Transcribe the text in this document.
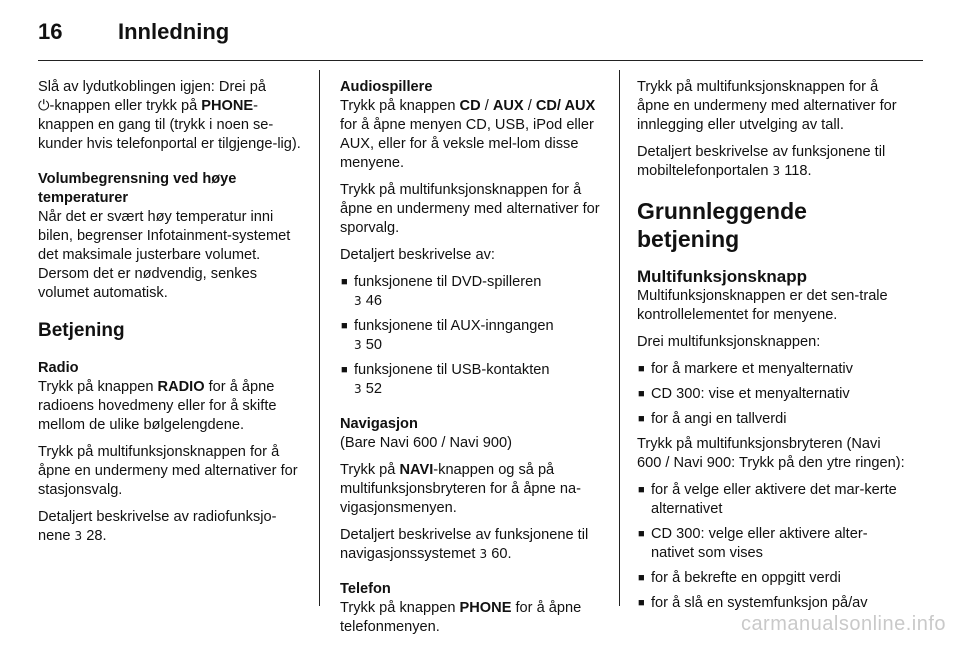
16	Innledning

Slå av lydutkoblingen igjen: Drei på
⏻-knappen eller trykk på PHONE-knappen en gang til (trykk i noen se-kunder hvis telefonportal er tilgjenge-lig).

Volumbegrensning ved høye temperaturer

Når det er svært høy temperatur inni bilen, begrenser Infotainment-systemet det maksimale justerbare volumet. Dersom det er nødvendig, senkes volumet automatisk.

Betjening

Radio

Trykk på knappen RADIO for å åpne radioens hovedmeny eller for å skifte mellom de ulike bølgelengdene.

Trykk på multifunksjonsknappen for å åpne en undermeny med alternativer for stasjonsvalg.

Detaljert beskrivelse av radiofunksjo-nene 3 28.

Audiospillere

Trykk på knappen CD / AUX / CD/ AUX for å åpne menyen CD, USB, iPod eller AUX, eller for å veksle mel-lom disse menyene.

Trykk på multifunksjonsknappen for å åpne en undermeny med alternativer for sporvalg.

Detaljert beskrivelse av:

■ funksjonene til DVD-spilleren
3 46
■ funksjonene til AUX-inngangen
3 50
■ funksjonene til USB-kontakten
3 52

Navigasjon

(Bare Navi 600 / Navi 900)

Trykk på NAVI-knappen og så på multifunksjonsbryteren for å åpne na-vigasjonsmenyen.

Detaljert beskrivelse av funksjonene til navigasjonssystemet 3 60.

Telefon

Trykk på knappen PHONE for å åpne telefonmenyen.

Trykk på multifunksjonsknappen for å åpne en undermeny med alternativer for innlegging eller utvelging av tall.

Detaljert beskrivelse av funksjonene til mobiltelefonportalen 3 118.

Grunnleggende betjening

Multifunksjonsknapp

Multifunksjonsknappen er det sen-trale kontrollelementet for menyene.

Drei multifunksjonsknappen:

■ for å markere et menyalternativ
■ CD 300: vise et menyalternativ
■ for å angi en tallverdi

Trykk på multifunksjonsbryteren (Navi 600 / Navi 900: Trykk på den ytre ringen):

■ for å velge eller aktivere det mar-kerte alternativet
■ CD 300: velge eller aktivere alter-nativet som vises
■ for å bekrefte en oppgitt verdi
■ for å slå en systemfunksjon på/av
carmanualsonline.info
